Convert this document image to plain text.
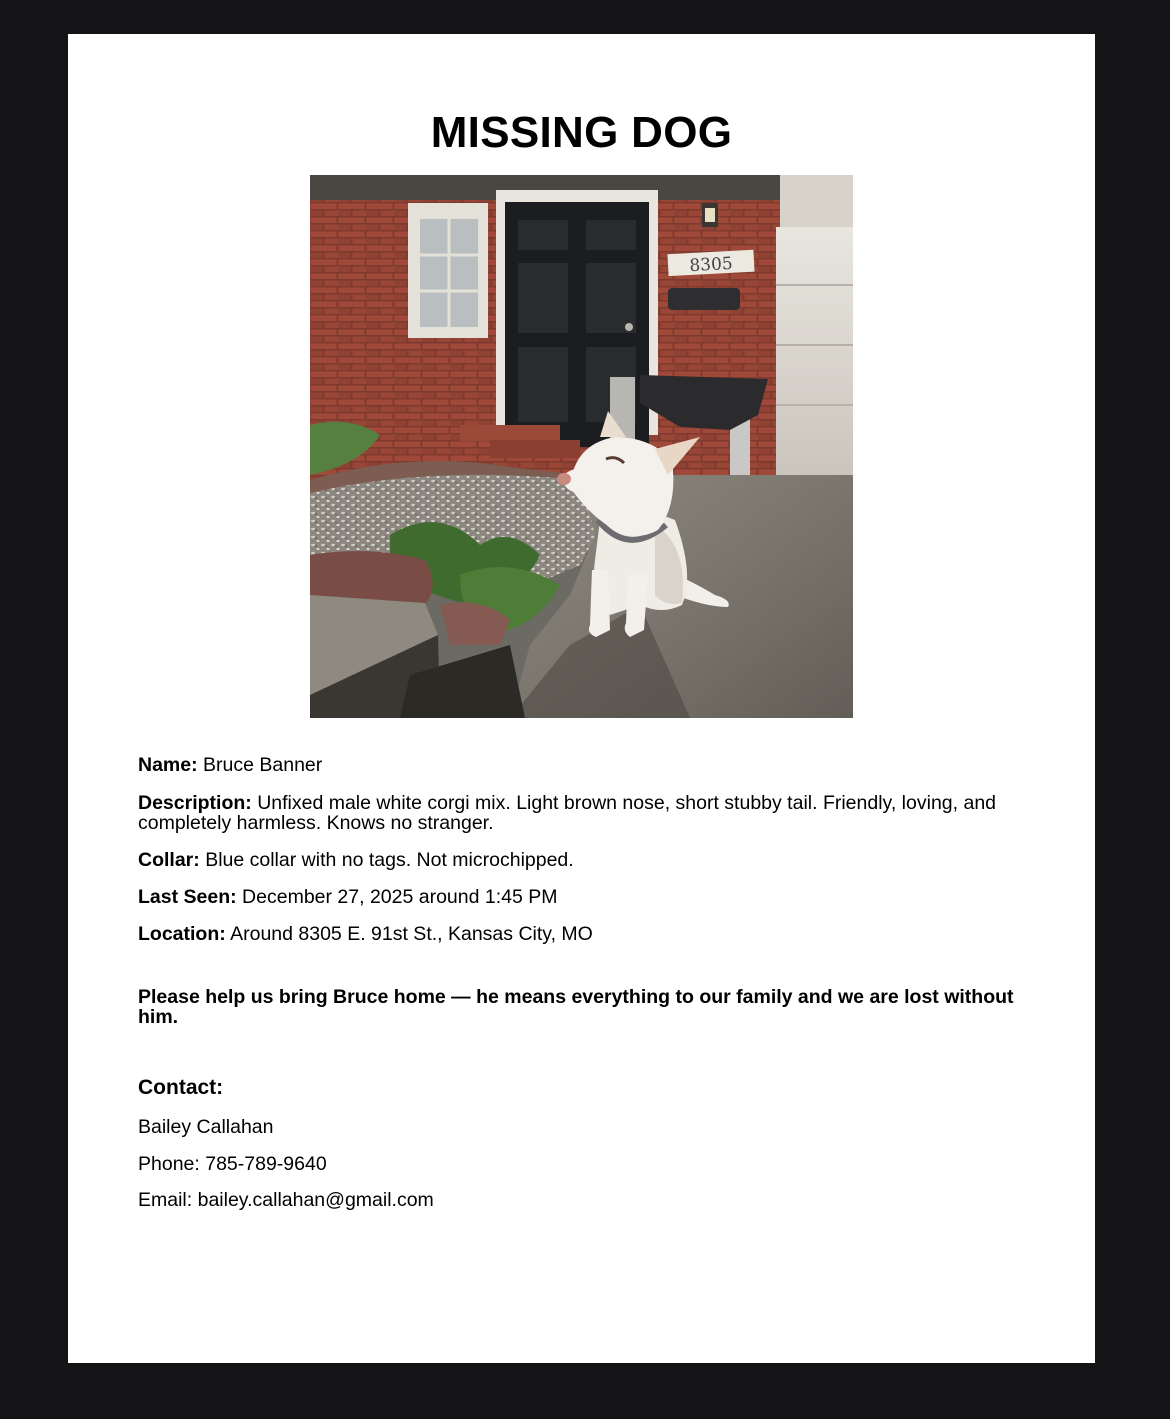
MISSING DOG
8305

Name: Bruce Banner

Description: Unfixed male white corgi mix. Light brown nose, short stubby tail. Friendly, loving, and completely harmless. Knows no stranger.

Collar: Blue collar with no tags. Not microchipped.

Last Seen: December 27, 2025 around 1:45 PM

Location: Around 8305 E. 91st St., Kansas City, MO

Please help us bring Bruce home — he means everything to our family and we are lost without him.

Contact:

Bailey Callahan

Phone: 785-789-9640

Email: bailey.callahan@gmail.com
